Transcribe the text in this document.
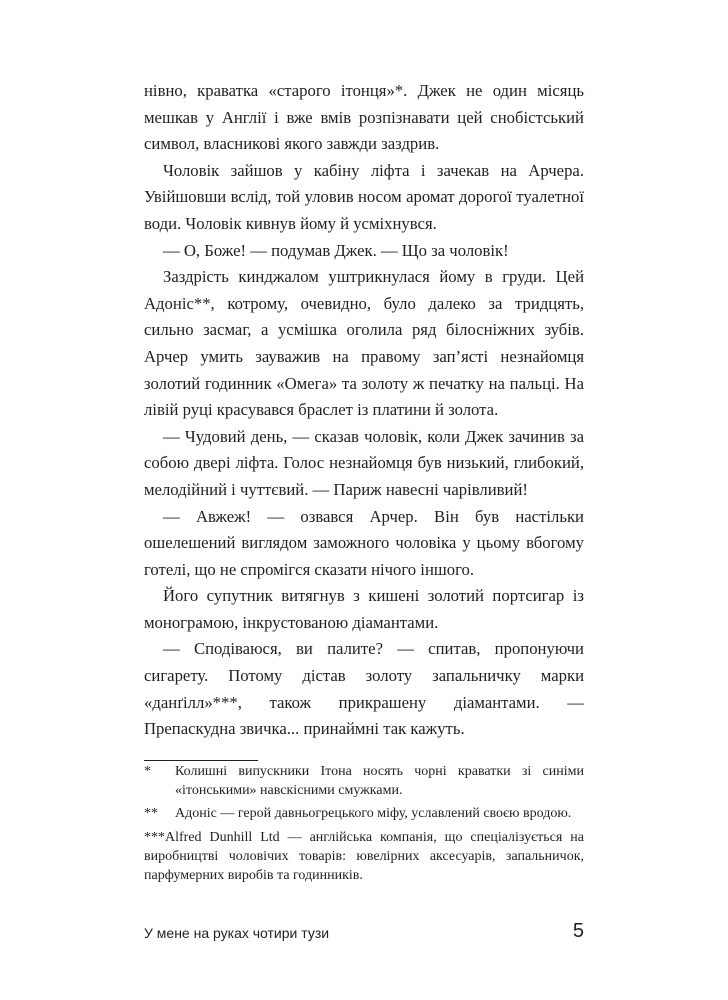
нівно, краватка «старого ітонця»*. Джек не один місяць мешкав у Англії і вже вмів розпізнавати цей снобістський символ, власникові якого завжди заздрив.

Чоловік зайшов у кабіну ліфта і зачекав на Арчера. Увійшовши вслід, той уловив носом аромат дорогої туалетної води. Чоловік кивнув йому й усміхнувся.

— О, Боже! — подумав Джек. — Що за чоловік!

Заздрість кинджалом уштрикнулася йому в груди. Цей Адоніс**, котрому, очевидно, було далеко за тридцять, сильно засмаг, а усмішка оголила ряд білосніжних зубів. Арчер умить зауважив на правому зап’ясті незнайомця золотий годинник «Омега» та золоту ж печатку на пальці. На лівій руці красувався браслет із платини й золота.

— Чудовий день, — сказав чоловік, коли Джек зачинив за собою двері ліфта. Голос незнайомця був низький, глибокий, мелодійний і чуттєвий. — Париж навесні чарівливий!

— Авжеж! — озвався Арчер. Він був настільки ошелешений виглядом заможного чоловіка у цьому вбогому готелі, що не спромігся сказати нічого іншого.

Його супутник витягнув з кишені золотий портсигар із монограмою, інкрустованою діамантами.

— Сподіваюся, ви палите? — спитав, пропонуючи сигарету. Потому дістав золоту запальничку марки «данґілл»***, також прикрашену діамантами. — Препаскудна звичка... принаймні так кажуть.

* Колишні випускники Ітона носять чорні краватки зі синіми «ітонськими» навскісними смужками.
** Адоніс — герой давньогрецького міфу, уславлений своєю вродою.
***Alfred Dunhill Ltd — англійська компанія, що спеціалізується на виробництві чоловічих товарів: ювелірних аксесуарів, запальничок, парфумерних виробів та годинників.
У мене на руках чотири тузи	5
